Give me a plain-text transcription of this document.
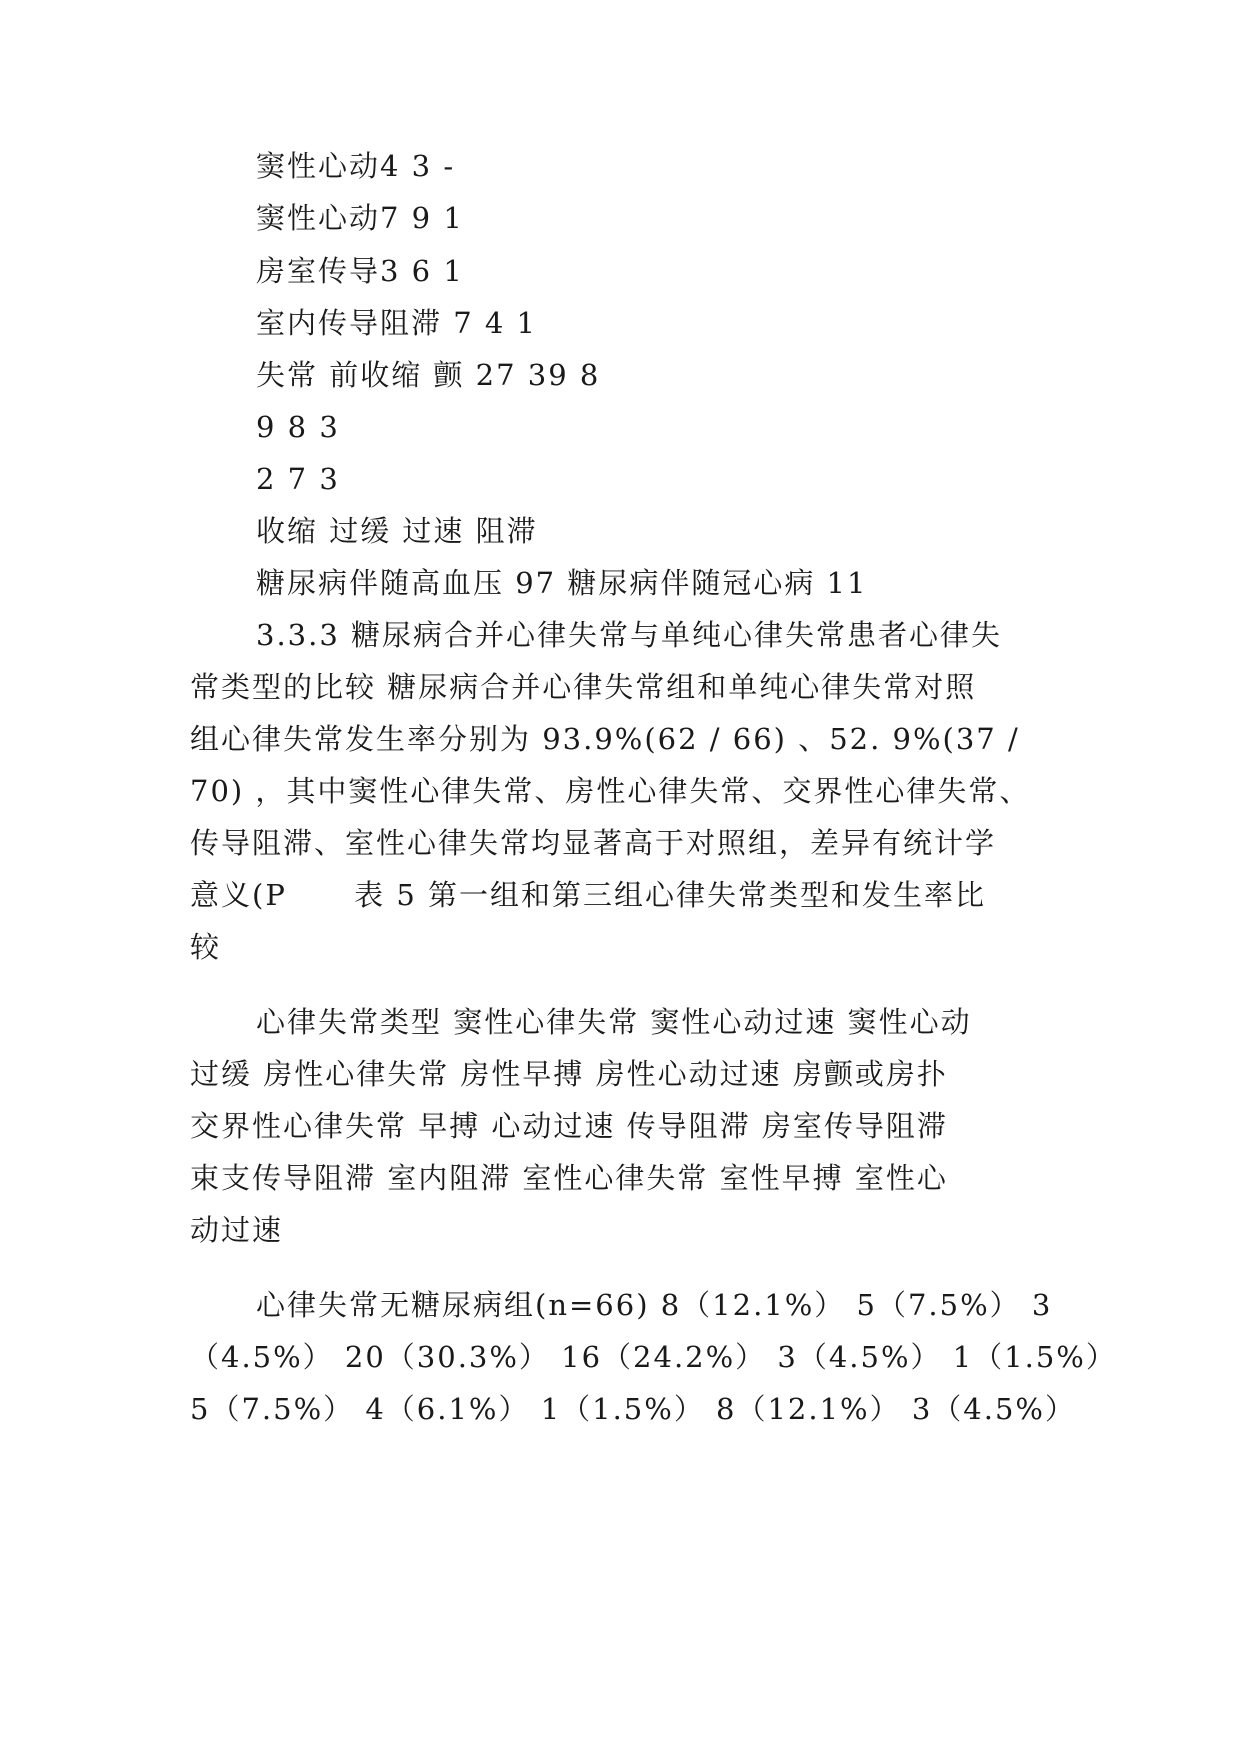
窦性心动4 3 -
窦性心动7 9 1
房室传导3 6 1
室内传导阻滞 7 4 1
失常 前收缩 颤 27 39 8
9 8 3
2 7 3
收缩 过缓 过速 阻滞
糖尿病伴随高血压 97 糖尿病伴随冠心病 11
3.3.3 糖尿病合并心律失常与单纯心律失常患者心律失
常类型的比较 糖尿病合并心律失常组和单纯心律失常对照
组心律失常发生率分别为 93.9%(62 / 66) 、52. 9%(37 /
70) ，其中窦性心律失常、房性心律失常、交界性心律失常、
传导阻滞、室性心律失常均显著高于对照组，差异有统计学
意义(P      表 5 第一组和第三组心律失常类型和发生率比
较
心律失常类型 窦性心律失常 窦性心动过速 窦性心动
过缓 房性心律失常 房性早搏 房性心动过速 房颤或房扑
交界性心律失常 早搏 心动过速 传导阻滞 房室传导阻滞
束支传导阻滞 室内阻滞 室性心律失常 室性早搏 室性心
动过速
心律失常无糖尿病组(n=66) 8（12.1%） 5（7.5%） 3
（4.5%） 20（30.3%） 16（24.2%） 3（4.5%） 1（1.5%）
5（7.5%） 4（6.1%） 1（1.5%） 8（12.1%） 3（4.5%）
